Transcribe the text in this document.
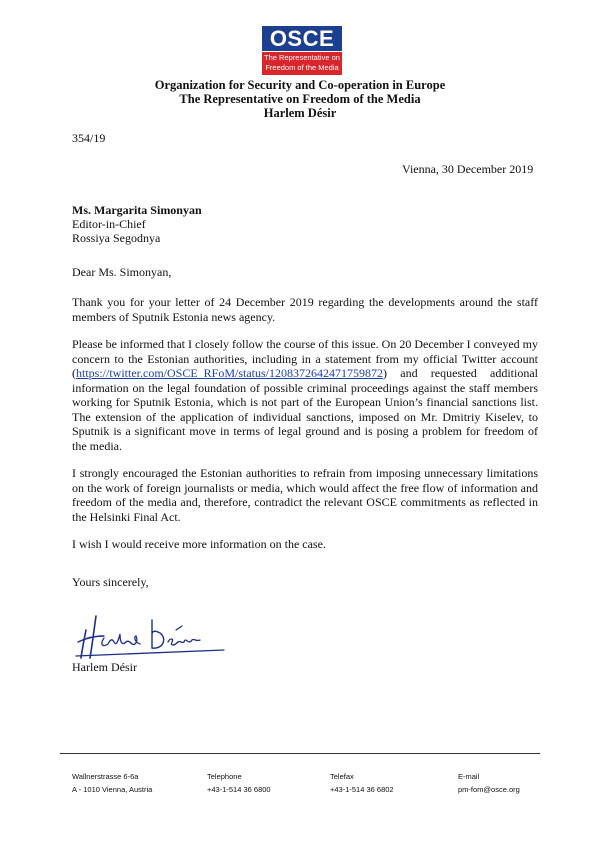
OSCE
The Representative on
Freedom of the Media
Organization for Security and Co-operation in Europe
The Representative on Freedom of the Media
Harlem Désir
354/19
Vienna, 30 December 2019
Ms. Margarita Simonyan
Editor-in-Chief
Rossiya Segodnya
Dear Ms. Simonyan,
Thank you for your letter of 24 December 2019 regarding the developments around the staff members of Sputnik Estonia news agency.
Please be informed that I closely follow the course of this issue. On 20 December I conveyed my concern to the Estonian authorities, including in a statement from my official Twitter account (https://twitter.com/OSCE_RFoM/status/1208372642471759872) and requested additional information on the legal foundation of possible criminal proceedings against the staff members working for Sputnik Estonia, which is not part of the European Union’s financial sanctions list. The extension of the application of individual sanctions, imposed on Mr. Dmitriy Kiselev, to Sputnik is a significant move in terms of legal ground and is posing a problem for freedom of the media.
I strongly encouraged the Estonian authorities to refrain from imposing unnecessary limitations on the work of foreign journalists or media, which would affect the free flow of information and freedom of the media and, therefore, contradict the relevant OSCE commitments as reflected in the Helsinki Final Act.
I wish I would receive more information on the case.
Yours sincerely,
Harlem Désir
Wallnerstrasse 6-6a
A - 1010 Vienna, Austria
Telephone
+43-1-514 36 6800
Telefax
+43-1-514 36 6802
E-mail
pm-fom@osce.org
